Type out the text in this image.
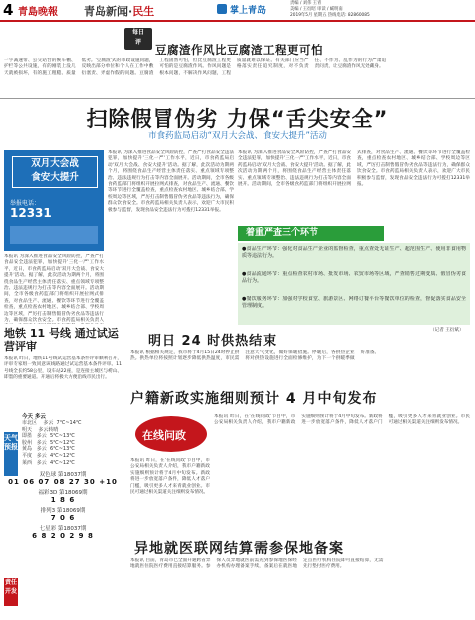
4 青島晚報 青岛新闻·民生	掌上青岛
责编 / 刘伟 王青
美编 / 王衍昭 审读 / 臧明南
2019年5月 星期五 热线电话: 82860085
每日
评
豆腐渣作风比豆腐渣工程更可怕
一字减速带、公交站台的候车棚、护栏等公共设施，有的刚装上没几天就被损坏，有的施工粗糙、质量低劣。'豆腐渣'式的市政设施问题，反映出部分单位和个人在工作中敷衍塞责、弄虚作假的问题。豆腐渣工程固然可怕，但比豆腐渣工程更可怕的是豆腐渣作风。作风问题是根本问题，不解决作风问题，工程质量就难以保证。有关部门应当严格落实责任追究制度，对不负责任、不作为、乱作为的行为严肃追责问责，让豆腐渣作风无处藏身。
扫除假冒伪劣 力保“舌尖安全”
市食药监局启动“双月大会战、食安大提升”活动
双月大会战
食安大提升
举报电话：
12331
本报讯 为深入推进食品安全风险防控，严查严打食品安全违法犯罪，加快提升'三化一严'工作水平，近日，市食药监局启动'双月大会战、食安大提升'活动。据了解，此次活动为期两个月，将围绕食品生产经营主体责任落实、重点领域专项整治、违法违规行为打击等内容全面展开。活动期间，全市各级食药监部门将组织开展拉网式排查，对食品生产、流通、餐饮等环节进行全覆盖检查，重点检查农村地区、城乡结合部、学校周边等区域，严厉打击制售假冒伪劣食品等违法行为，确保群众饮食安全。市食药监局相关负责人
本报讯 为深入推进食品安全风险防控，严查严打食品安全违法犯罪，加快提升'三化一严'工作水平，近日，市食药监局启动'双月大会战、食安大提升'活动。据了解，此次活动为期两个月，将围绕食品生产经营主体责任落实、重点领域专项整治、违法违规行为打击等内容全面展开。活动期间，全市各级食药监部门将组织开展拉网式排查，对食品生产、流通、餐饮等环节进行全覆盖检查，重点检查农村地区、城乡结合部、学校周边等区域，严厉打击制售假冒伪劣食品等违法行为，确保群众饮食安全。市食药监局相关负责人表示，欢迎广大市民积极参与监督，发现食品安全违法行为可拨打12331举报。
本报讯 为深入推进食品安全风险防控，严查严打食品安全违法犯罪，加快提升'三化一严'工作水平，近日，市食药监局启动'双月大会战、食安大提升'活动。据了解，此次活动为期两个月，将围绕食品生产经营主体责任落实、重点领域专项整治、违法违规行为打击等内容全面展开。活动期间，全市各级食药监部门将组织开展拉网式排查，对食品生产、流通、餐饮等环节进行全覆盖检查，重点检查农村地区、城乡结合部、学校周边等区域，严厉打击制售假冒伪劣食品等违法行为，确保群众饮食安全。市食药监局相关负责人表示，欢迎广大市民积极参与监督，发现食品安全违法行为可拨打12331举报。
着重严查三个环节
●食品生产环节：强化对食品生产企业的监督检查，重点查处无证生产、超范围生产、使用非食用物质等违法行为。
●食品流通环节：重点检查农村市场、批发市场、农贸市场等区域，严查销售过期变质、假冒伪劣食品行为。
●餐饮服务环节：加强对学校食堂、旅游景区、网络订餐平台等餐饮单位的检查，督促落实食品安全管理制度。
（记者 王衍斌）
地铁 11 号线 通过试运营评审
本报讯 昨日，地铁11号线试运营基本条件评审顺利召开，评审专家组一致同意该线路通过试运营基本条件评审。11号线全长约58公里，设车站22座，是连接主城区与崂山、即墨的重要通道。开通后将极大方便沿线市民出行。
天气预报
今天 多云
市北区    多云  7℃~14℃
明天    多云转晴
即墨   多云  5℃~13℃
胶州   多云  5℃~12℃
黄岛   多云  6℃~13℃
平度   多云  4℃~12℃
莱西   多云  4℃~12℃
双色球 第18037期
01 06 07 08 27 30 +10
福彩3D 第18069期
1 8 6
排列3 第18069期
7 0 6
七星彩 第18037期
6 8 2 0 2 9 8
责任开发
明日 24 时供热结束
本报讯 根据相关规定，我市将于4月15日24时停止供热。供热单位将按照计划逐步降低供热温度，市民需注意天气变化，做好保暖措施。停暖后，各供热企业将对供热设施进行全面检修维护，为下一个供暖季做好准备。
户籍新政实施细则预计 4 月中旬发布
在线问政
本报讯 昨日，在'在线问政'节目中，市公安局相关负责人介绍，我市户籍新政实施细则预计将于4月中旬发布。新政将进一步放宽落户条件，降低人才落户门槛，吸引更多人才来青就业创业。市民可通过相关渠道关注细则发布情况。
本报讯 昨日，在'在线问政'节目中，市公安局相关负责人介绍，我市户籍新政实施细则预计将于4月中旬发布。新政将进一步放宽落户条件，降低人才落户门槛，吸引更多人才来青就业创业。市民可通过相关渠道关注细则发布情况。
异地就医联网结算需参保地备案
本报讯 目前，青岛市已全面开通跨省异地就医住院医疗费用直接结算服务。参保人员异地就医前需先到参保地医保经办机构办理备案手续，备案后在就医地定点医疗机构住院即可直接结算，无需先行垫付医疗费用。
